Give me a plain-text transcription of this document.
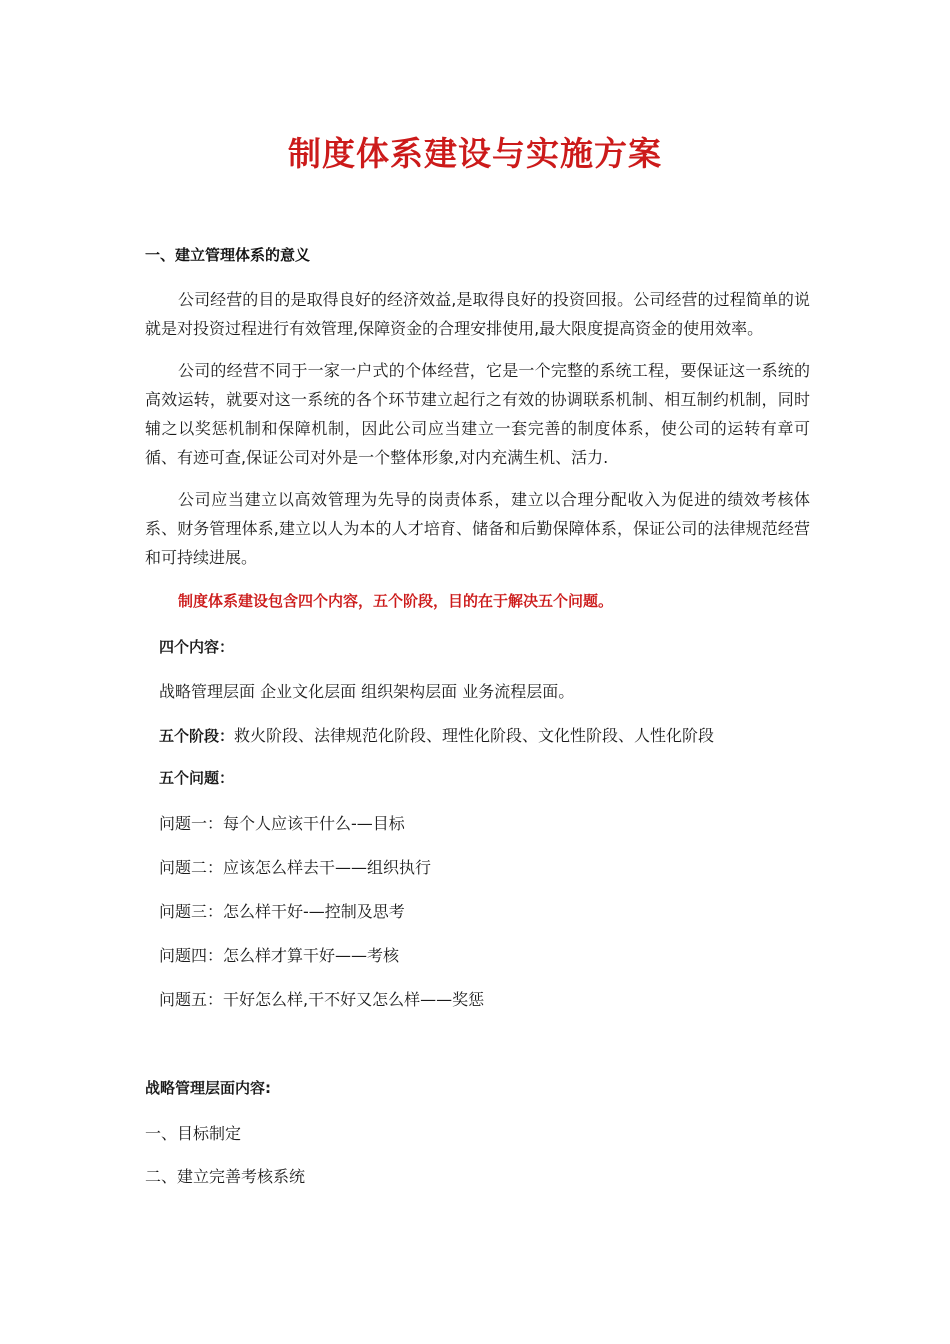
制度体系建设与实施方案
一、建立管理体系的意义
公司经营的目的是取得良好的经济效益,是取得良好的投资回报。公司经营的过程简单的说就是对投资过程进行有效管理,保障资金的合理安排使用,最大限度提高资金的使用效率。
公司的经营不同于一家一户式的个体经营，它是一个完整的系统工程，要保证这一系统的高效运转，就要对这一系统的各个环节建立起行之有效的协调联系机制、相互制约机制，同时辅之以奖惩机制和保障机制，因此公司应当建立一套完善的制度体系，使公司的运转有章可循、有迹可查,保证公司对外是一个整体形象,对内充满生机、活力.
公司应当建立以高效管理为先导的岗责体系，建立以合理分配收入为促进的绩效考核体系、财务管理体系,建立以人为本的人才培育、储备和后勤保障体系，保证公司的法律规范经营和可持续进展。
制度体系建设包含四个内容，五个阶段，目的在于解决五个问题。
四个内容：
战略管理层面 企业文化层面 组织架构层面 业务流程层面。
五个阶段：救火阶段、法律规范化阶段、理性化阶段、文化性阶段、人性化阶段
五个问题：
问题一：每个人应该干什么-—目标
问题二：应该怎么样去干——组织执行
问题三：怎么样干好-—控制及思考
问题四：怎么样才算干好——考核
问题五：干好怎么样,干不好又怎么样——奖惩
战略管理层面内容:
一、目标制定
二、建立完善考核系统
